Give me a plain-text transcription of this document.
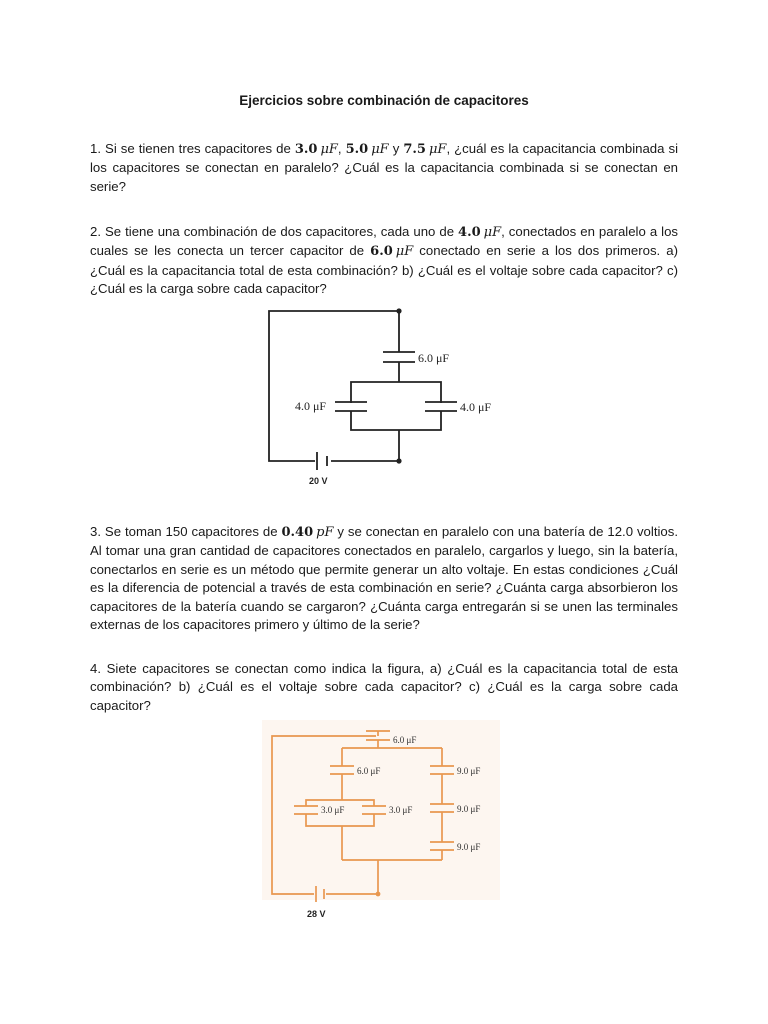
Ejercicios sobre combinación de capacitores
1. Si se tienen tres capacitores de 3.0 μF, 5.0 μF y 7.5 μF, ¿cuál es la capacitancia combinada si los capacitores se conectan en paralelo? ¿Cuál es la capacitancia combinada si se conectan en serie?
2. Se tiene una combinación de dos capacitores, cada uno de 4.0 μF, conectados en paralelo a los cuales se les conecta un tercer capacitor de 6.0 μF conectado en serie a los dos primeros. a) ¿Cuál es la capacitancia total de esta combinación? b) ¿Cuál es el voltaje sobre cada capacitor? c) ¿Cuál es la carga sobre cada capacitor?
6.0 μF
4.0 μF	4.0 μF
20 V
3. Se toman 150 capacitores de 0.40 pF y se conectan en paralelo con una batería de 12.0 voltios. Al tomar una gran cantidad de capacitores conectados en paralelo, cargarlos y luego, sin la batería, conectarlos en serie es un método que permite generar un alto voltaje. En estas condiciones ¿Cuál es la diferencia de potencial a través de esta combinación en serie? ¿Cuánta carga absorbieron los capacitores de la batería cuando se cargaron? ¿Cuánta carga entregarán si se unen las terminales externas de los capacitores primero y último de la serie?
4. Siete capacitores se conectan como indica la figura, a) ¿Cuál es la capacitancia total de esta combinación? b) ¿Cuál es el voltaje sobre cada capacitor? c) ¿Cuál es la carga sobre cada capacitor?
6.0 μF
6.0 μF
3.0 μF	3.0 μF
9.0 μF
9.0 μF
9.0 μF
28 V
